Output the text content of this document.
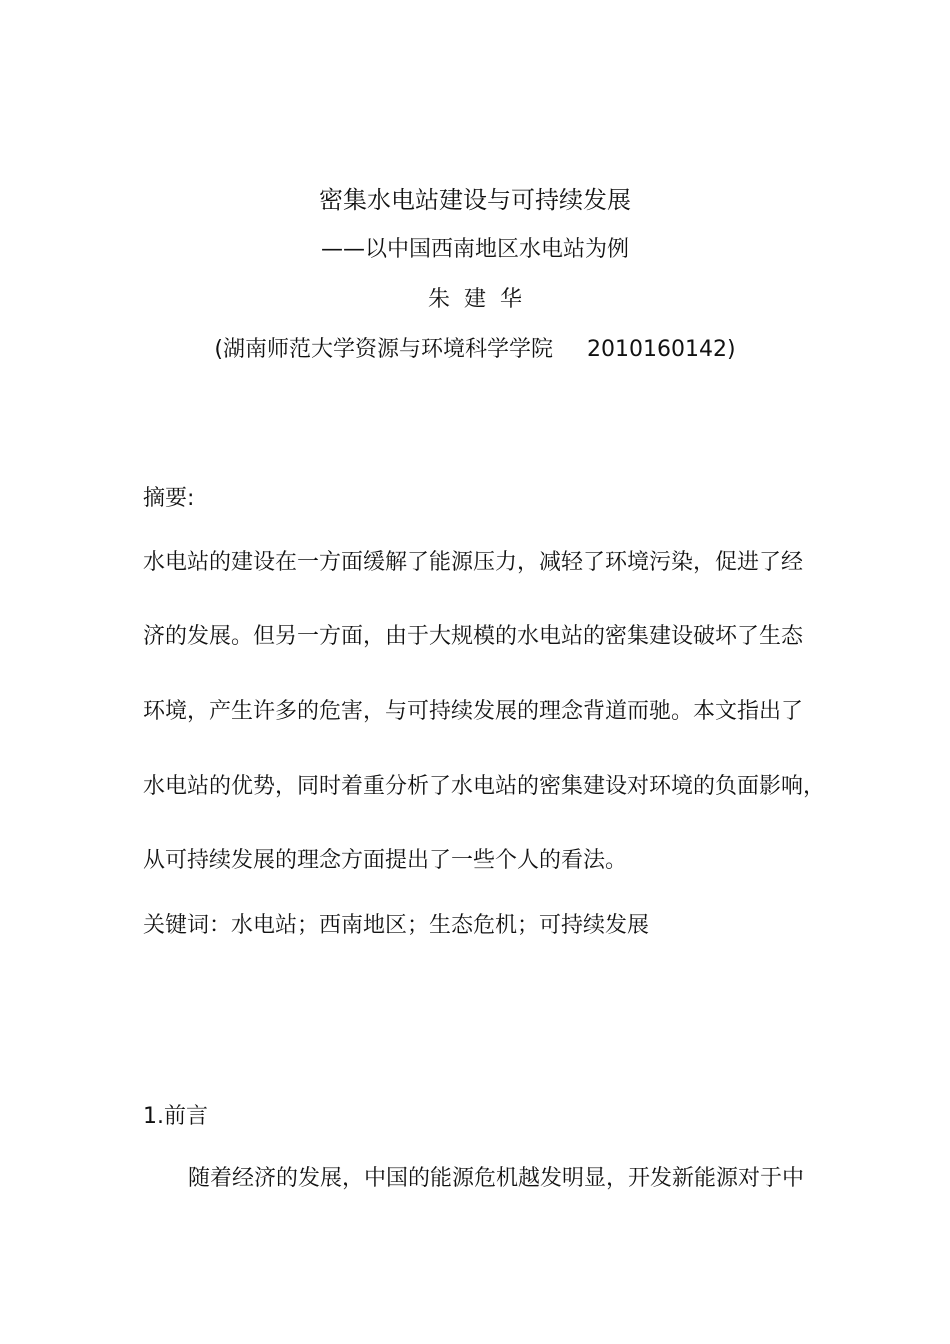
密集水电站建设与可持续发展
——以中国西南地区水电站为例
朱建华
(湖南师范大学资源与环境科学学院 2010160142)
摘要:
水电站的建设在一方面缓解了能源压力，减轻了环境污染，促进了经
济的发展。但另一方面，由于大规模的水电站的密集建设破坏了生态
环境，产生许多的危害，与可持续发展的理念背道而驰。本文指出了
水电站的优势，同时着重分析了水电站的密集建设对环境的负面影响，
从可持续发展的理念方面提出了一些个人的看法。
关键词：水电站；西南地区；生态危机；可持续发展
1.前言
随着经济的发展，中国的能源危机越发明显，开发新能源对于中
